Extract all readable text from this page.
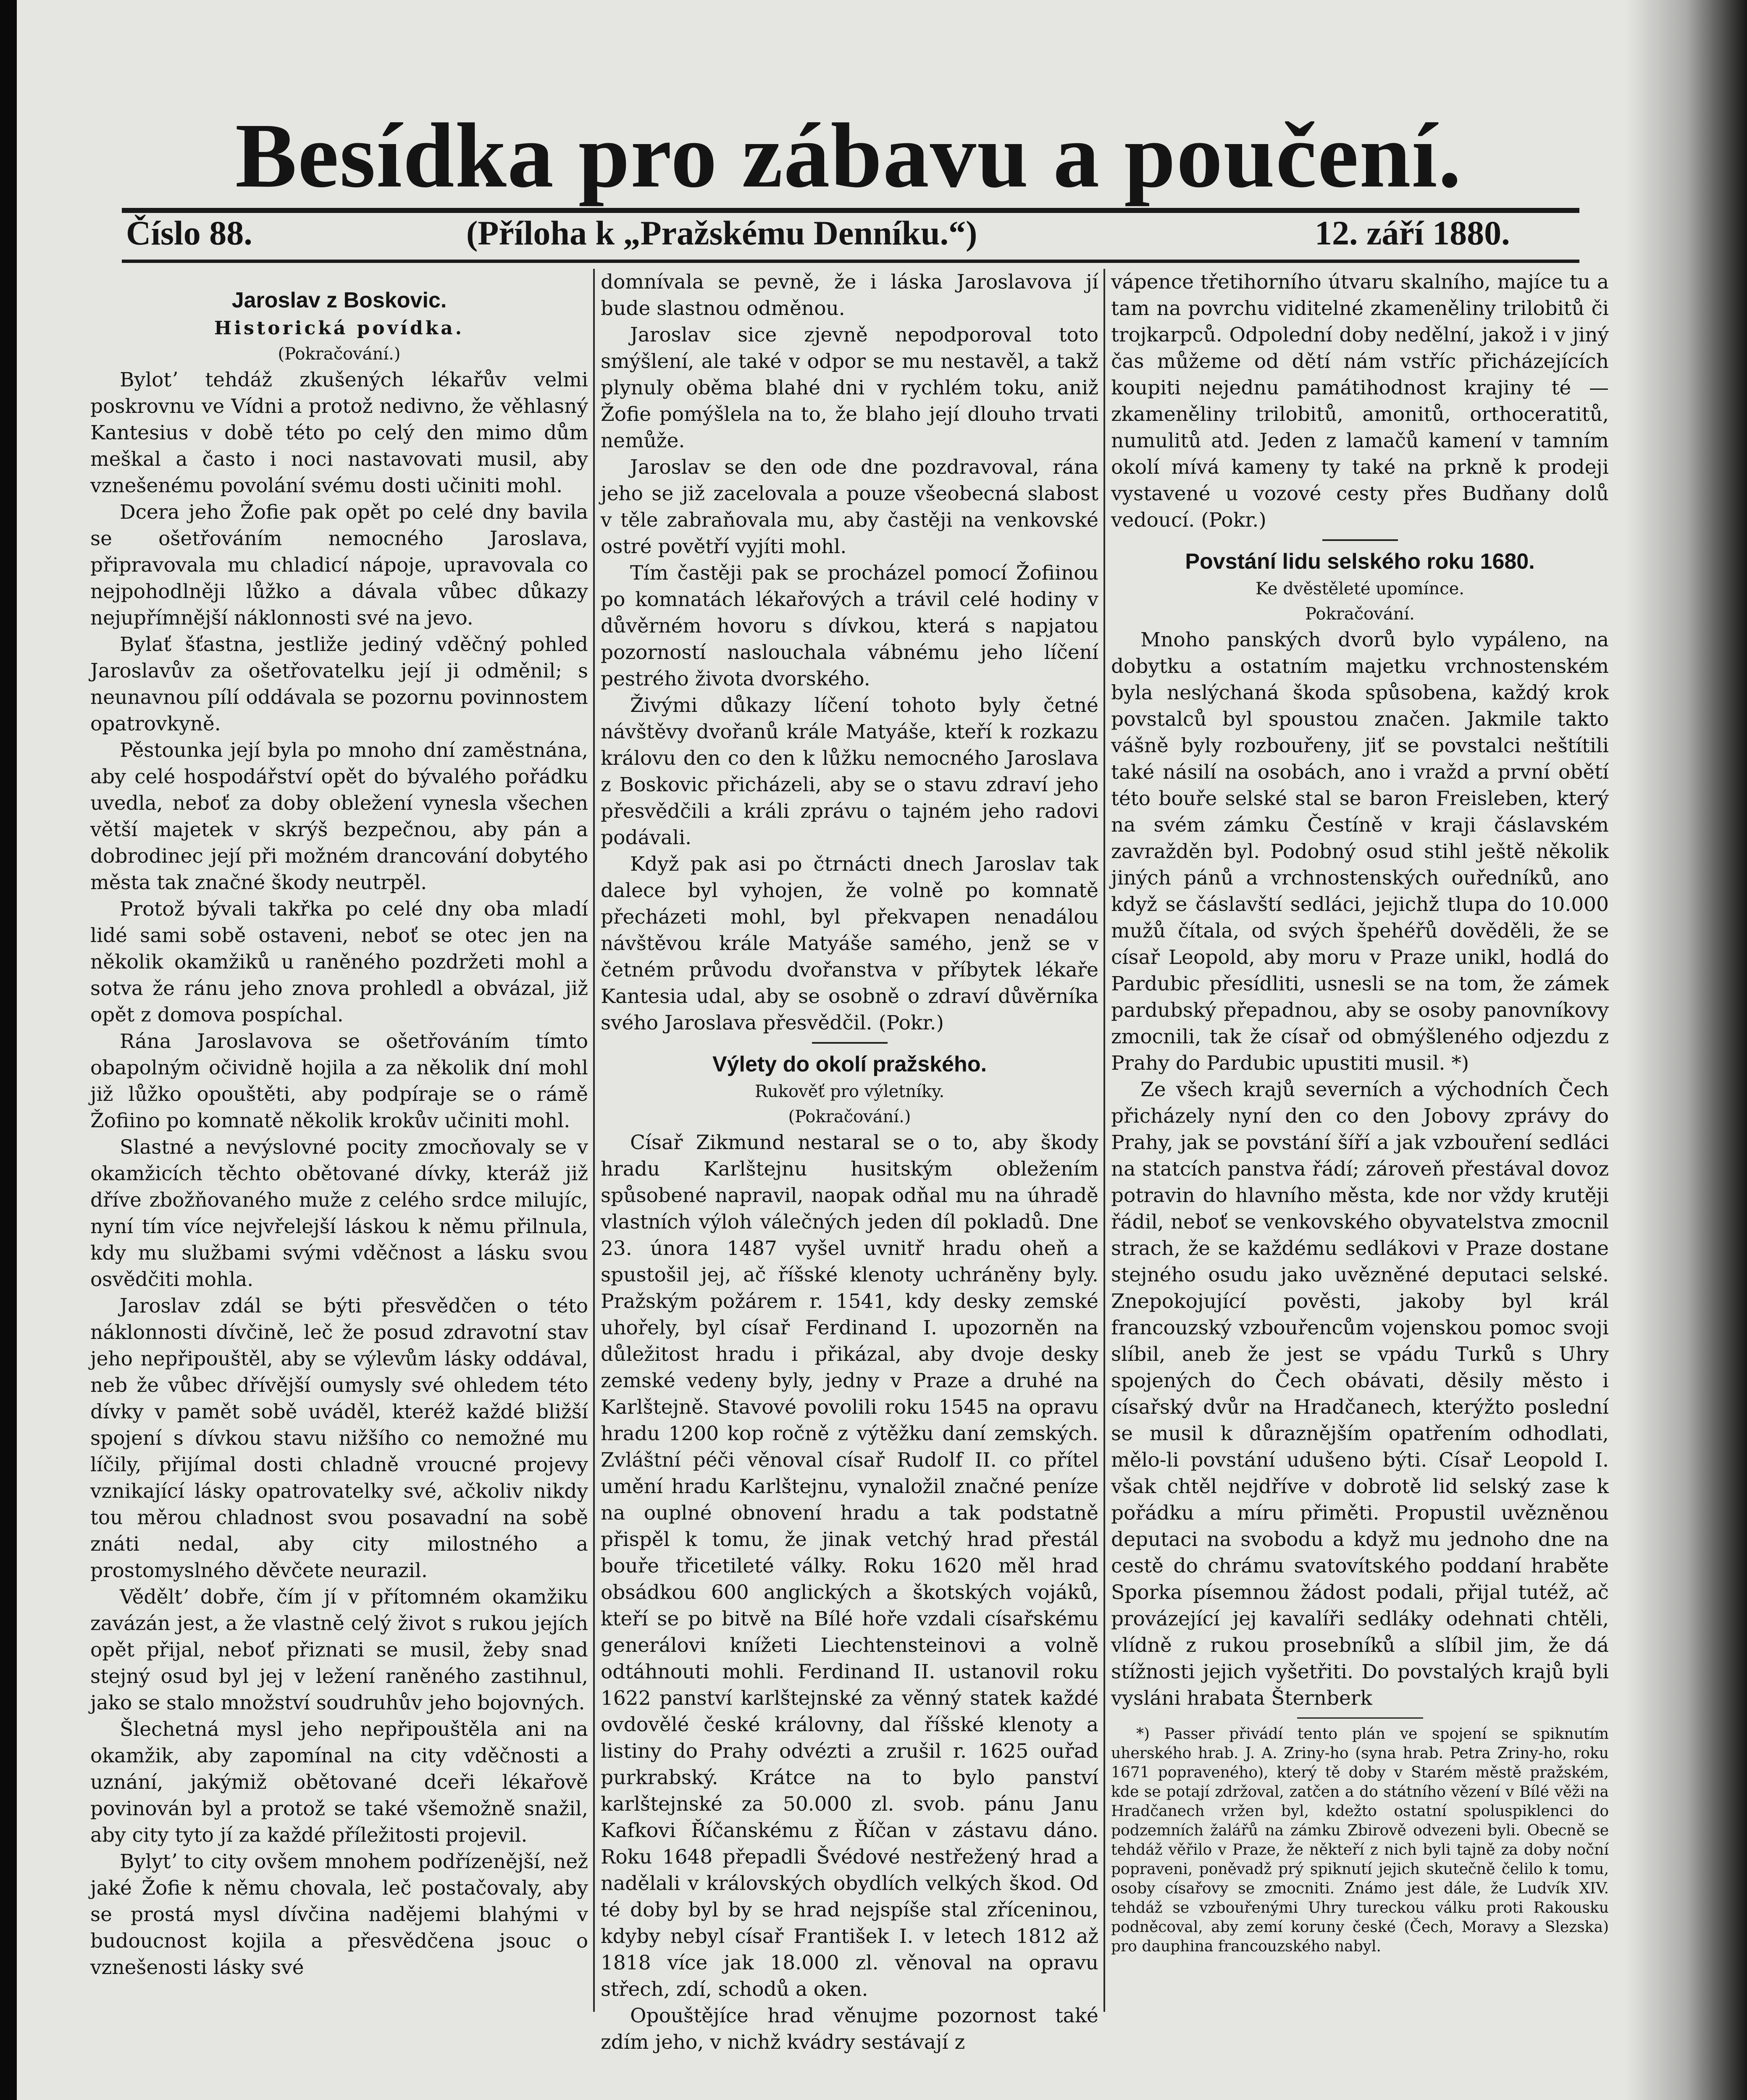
Besídka pro zábavu a poučení.
Číslo 88.	(Příloha k „Pražskému Denníku.“)	12. září 1880.

Jaroslav z Boskovic.

Historická povídka.

(Pokračování.)

Bylotʼ tehdáž zkušených lékařův velmi poskrovnu ve Vídni a protož nedivno, že věhlasný Kantesius v době této po celý den mimo dům meškal a často i noci nastavovati musil, aby vznešenému povolání svému dosti učiniti mohl.

Dcera jeho Žofie pak opět po celé dny bavila se ošetřováním nemocného Jaroslava, připravovala mu chladicí nápoje, upravovala co nejpohodlněji lůžko a dávala vůbec důkazy nejupřímnější náklonnosti své na jevo.

Bylať šťastna, jestliže jediný vděčný pohled Jaroslavův za ošetřovatelku její ji odměnil; s neunavnou pílí oddávala se pozornu povinnostem opatrovkyně.

Pěstounka její byla po mnoho dní zaměstnána, aby celé hospodářství opět do bývalého pořádku uvedla, neboť za doby obležení vynesla všechen větší majetek v skrýš bezpečnou, aby pán a dobrodinec její při možném drancování dobytého města tak značné škody neutrpěl.

Protož bývali takřka po celé dny oba mladí lidé sami sobě ostaveni, neboť se otec jen na několik okamžiků u raněného pozdržeti mohl a sotva že ránu jeho znova prohledl a obvázal, již opět z domova pospíchal.

Rána Jaroslavova se ošetřováním tímto obapolným očividně hojila a za několik dní mohl již lůžko opouštěti, aby podpíraje se o rámě Žofiino po komnatě několik krokův učiniti mohl.

Slastné a nevýslovné pocity zmocňovaly se v okamžicích těchto obětované dívky, kteráž již dříve zbožňovaného muže z celého srdce milujíc, nyní tím více nejvřelejší láskou k němu přilnula, kdy mu službami svými vděčnost a lásku svou osvědčiti mohla.

Jaroslav zdál se býti přesvědčen o této náklonnosti dívčině, leč že posud zdravotní stav jeho nepřipouštěl, aby se výlevům lásky oddával, neb že vůbec dřívější oumysly své ohledem této dívky v pamět sobě uváděl, kteréž každé bližší spojení s dívkou stavu nižšího co nemožné mu líčily, přijímal dosti chladně vroucné projevy vznikající lásky opatrovatelky své, ačkoliv nikdy tou měrou chladnost svou posavadní na sobě znáti nedal, aby city milostného a prostomyslného děvčete neurazil.

Věděltʼ dobře, čím jí v přítomném okamžiku zavázán jest, a že vlastně celý život s rukou jejích opět přijal, neboť přiznati se musil, žeby snad stejný osud byl jej v ležení raněného zastihnul, jako se stalo množství soudruhův jeho bojovných.

Šlechetná mysl jeho nepřipouštěla ani na okamžik, aby zapomínal na city vděčnosti a uznání, jakýmiž obětované dceři lékařově povinován byl a protož se také všemožně snažil, aby city tyto jí za každé příležitosti projevil.

Bylytʼ to city ovšem mnohem podřízenější, než jaké Žofie k němu chovala, leč postačovaly, aby se prostá mysl dívčina nadějemi blahými v budoucnost kojila a přesvědčena jsouc o vznešenosti lásky své

domnívala se pevně, že i láska Jaroslavova jí bude slastnou odměnou.

Jaroslav sice zjevně nepodporoval toto smýšlení, ale také v odpor se mu nestavěl, a takž plynuly oběma blahé dni v rychlém toku, aniž Žofie pomýšlela na to, že blaho její dlouho trvati nemůže.

Jaroslav se den ode dne pozdravoval, rána jeho se již zacelovala a pouze všeobecná slabost v těle zabraňovala mu, aby častěji na venkovské ostré povětří vyjíti mohl.

Tím častěji pak se procházel pomocí Žofiinou po komnatách lékařových a trávil celé hodiny v důvěrném hovoru s dívkou, která s napjatou pozorností naslouchala vábnému jeho líčení pestrého života dvorského.

Živými důkazy líčení tohoto byly četné návštěvy dvořanů krále Matyáše, kteří k rozkazu královu den co den k lůžku nemocného Jaroslava z Boskovic přicházeli, aby se o stavu zdraví jeho přesvědčili a králi zprávu o tajném jeho radovi podávali.

Když pak asi po čtrnácti dnech Jaroslav tak dalece byl vyhojen, že volně po komnatě přecházeti mohl, byl překvapen nenadálou návštěvou krále Matyáše samého, jenž se v četném průvodu dvořanstva v příbytek lékaře Kantesia udal, aby se osobně o zdraví důvěrníka svého Jaroslava přesvědčil. (Pokr.)

Výlety do okolí pražského.

Rukověť pro výletníky.

(Pokračování.)

Císař Zikmund nestaral se o to, aby škody hradu Karlštejnu husitským obležením spůsobené napravil, naopak odňal mu na úhradě vlastních výloh válečných jeden díl pokladů. Dne 23. února 1487 vyšel uvnitř hradu oheň a spustošil jej, ač říšské klenoty uchráněny byly. Pražským požárem r. 1541, kdy desky zemské uhořely, byl císař Ferdinand I. upozorněn na důležitost hradu i přikázal, aby dvoje desky zemské vedeny byly, jedny v Praze a druhé na Karlštejně. Stavové povolili roku 1545 na opravu hradu 1200 kop ročně z výtěžku daní zemských. Zvláštní péči věnoval císař Rudolf II. co přítel umění hradu Karlštejnu, vynaložil značné peníze na ouplné obnovení hradu a tak podstatně přispěl k tomu, že jinak vetchý hrad přestál bouře třicetileté války. Roku 1620 měl hrad obsádkou 600 anglických a škotských vojáků, kteří se po bitvě na Bílé hoře vzdali císařskému generálovi knížeti Liechtensteinovi a volně odtáhnouti mohli. Ferdinand II. ustanovil roku 1622 panství karlštejnské za věnný statek každé ovdovělé české královny, dal říšské klenoty a listiny do Prahy odvézti a zrušil r. 1625 ouřad purkrabský. Krátce na to bylo panství karlštejnské za 50.000 zl. svob. pánu Janu Kafkovi Říčanskému z Říčan v zástavu dáno. Roku 1648 přepadli Švédové nestřežený hrad a nadělali v královských obydlích velkých škod. Od té doby byl by se hrad nejspíše stal zříceninou, kdyby nebyl císař František I. v letech 1812 až 1818 více jak 18.000 zl. věnoval na opravu střech, zdí, schodů a oken.

Opouštějíce hrad věnujme pozornost také zdím jeho, v nichž kvádry sestávají z

vápence třetihorního útvaru skalního, majíce tu a tam na povrchu viditelné zkameněliny trilobitů či trojkarpců. Odpolední doby nedělní, jakož i v jiný čas můžeme od dětí nám vstříc přicházejících koupiti nejednu památihodnost krajiny té — zkameněliny trilobitů, amonitů, orthoceratitů, numulitů atd. Jeden z lamačů kamení v tamním okolí mívá kameny ty také na prkně k prodeji vystavené u vozové cesty přes Budňany dolů vedoucí. (Pokr.)

Povstání lidu selského roku 1680.

Ke dvěstěleté upomínce.

Pokračování.

Mnoho panských dvorů bylo vypáleno, na dobytku a ostatním majetku vrchnostenském byla neslýchaná škoda spůsobena, každý krok povstalců byl spoustou značen. Jakmile takto vášně byly rozbouřeny, jiť se povstalci neštítili také násilí na osobách, ano i vražd a první obětí této bouře selské stal se baron Freisleben, který na svém zámku Čestíně v kraji čáslavském zavražděn byl. Podobný osud stihl ještě několik jiných pánů a vrchnostenských ouředníků, ano když se čáslavští sedláci, jejichž tlupa do 10.000 mužů čítala, od svých špehéřů dověděli, že se císař Leopold, aby moru v Praze unikl, hodlá do Pardubic přesídliti, usnesli se na tom, že zámek pardubský přepadnou, aby se osoby panovníkovy zmocnili, tak že císař od obmýšleného odjezdu z Prahy do Pardubic upustiti musil. *)

Ze všech krajů severních a východních Čech přicházely nyní den co den Jobovy zprávy do Prahy, jak se povstání šíří a jak vzbouření sedláci na statcích panstva řádí; zároveň přestával dovoz potravin do hlavního města, kde nor vždy krutěji řádil, neboť se venkovského obyvatelstva zmocnil strach, že se každému sedlákovi v Praze dostane stejného osudu jako uvězněné deputaci selské. Znepokojující pověsti, jakoby byl král francouzský vzbouřencům vojenskou pomoc svoji slíbil, aneb že jest se vpádu Turků s Uhry spojených do Čech obávati, děsily město i císařský dvůr na Hradčanech, kterýžto poslední se musil k důraznějším opatřením odhodlati, mělo-li povstání udušeno býti. Císař Leopold I. však chtěl nejdříve v dobrotě lid selský zase k pořádku a míru přiměti. Propustil uvězněnou deputaci na svobodu a když mu jednoho dne na cestě do chrámu svatovítského poddaní hraběte Sporka písemnou žádost podali, přijal tutéž, ač provázející jej kavalíři sedláky odehnati chtěli, vlídně z rukou prosebníků a slíbil jim, že dá stížnosti jejich vyšetřiti. Do povstalých krajů byli vysláni hrabata Šternberk

*) Passer přivádí tento plán ve spojení se spiknutím uherského hrab. J. A. Zriny-ho (syna hrab. Petra Zriny-ho, roku 1671 popraveného), který tě doby v Starém městě pražském, kde se potají zdržoval, zatčen a do státního vězení v Bílé věži na Hradčanech vržen byl, kdežto ostatní spoluspiklenci do podzemních žalářů na zámku Zbirově odvezeni byli. Obecně se tehdáž věřilo v Praze, že někteří z nich byli tajně za doby noční popraveni, poněvadž prý spiknutí jejich skutečně čelilo k tomu, osoby císařovy se zmocniti. Známo jest dále, že Ludvík XIV. tehdáž se vzbouřenými Uhry tureckou válku proti Rakousku podněcoval, aby zemí koruny české (Čech, Moravy a Slezska) pro dauphina francouzského nabyl.
